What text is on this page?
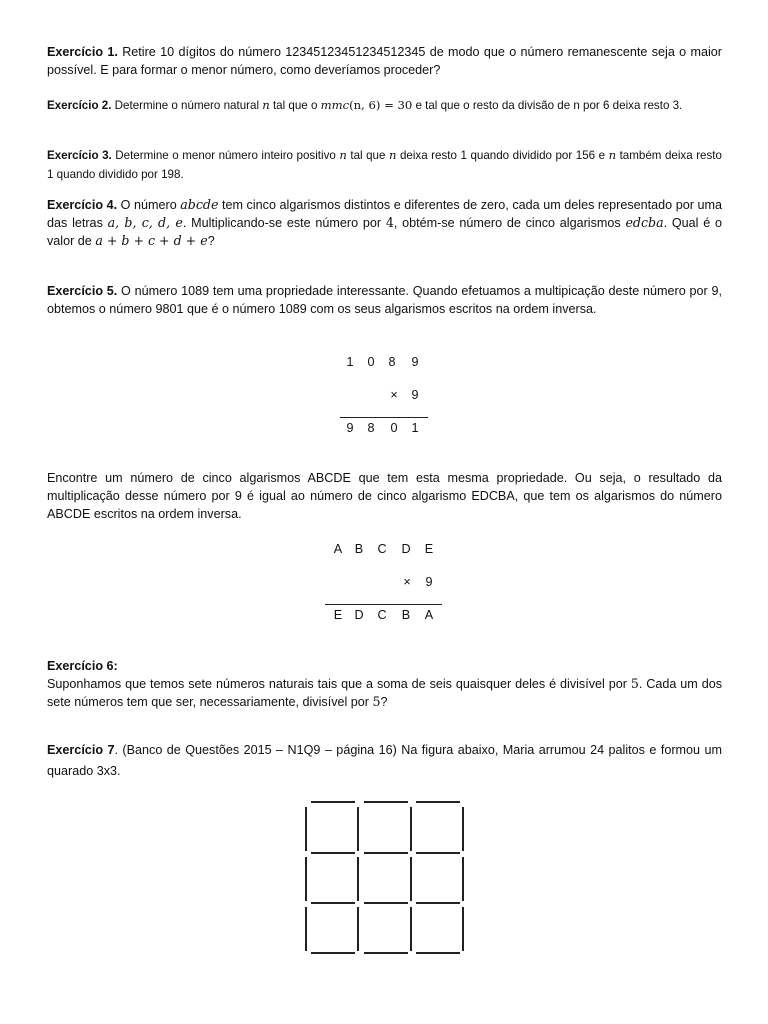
Exercício 1. Retire 10 dígitos do número 12345123451234512345 de modo que o número remanescente seja o maior possível. E para formar o menor número, como deveríamos proceder?

Exercício 2. Determine o número natural n tal que o mmc(n, 6) = 30 e tal que o resto da divisão de n por 6 deixa resto 3.

Exercício 3. Determine o menor número inteiro positivo n tal que n deixa resto 1 quando dividido por 156 e n também deixa resto 1 quando dividido por 198.

Exercício 4. O número abcde tem cinco algarismos distintos e diferentes de zero, cada um deles representado por uma das letras a, b, c, d, e. Multiplicando-se este número por 4, obtém-se número de cinco algarismos edcba. Qual é o valor de a + b + c + d + e?

Exercício 5. O número 1089 tem uma propriedade interessante. Quando efetuamos a multipicação deste número por 9, obtemos o número 9801 que é o número 1089 com os seus algarismos escritos na ordem inversa.

1	0	8	9
×	9
9	8	0	1

Encontre um número de cinco algarismos ABCDE que tem esta mesma propriedade. Ou seja, o resultado da multiplicação desse número por 9 é igual ao número de cinco algarismo EDCBA, que tem os algarismos do número ABCDE escritos na ordem inversa.

A B	C	D	E
×	9
E D	C	B	A

Exercício 6:
Suponhamos que temos sete números naturais tais que a soma de seis quaisquer deles é divisível por 5. Cada um dos sete números tem que ser, necessariamente, divisível por 5?

Exercício 7. (Banco de Questões 2015 – N1Q9 – página 16) Na figura abaixo, Maria arrumou 24 palitos e formou um quarado 3x3.
